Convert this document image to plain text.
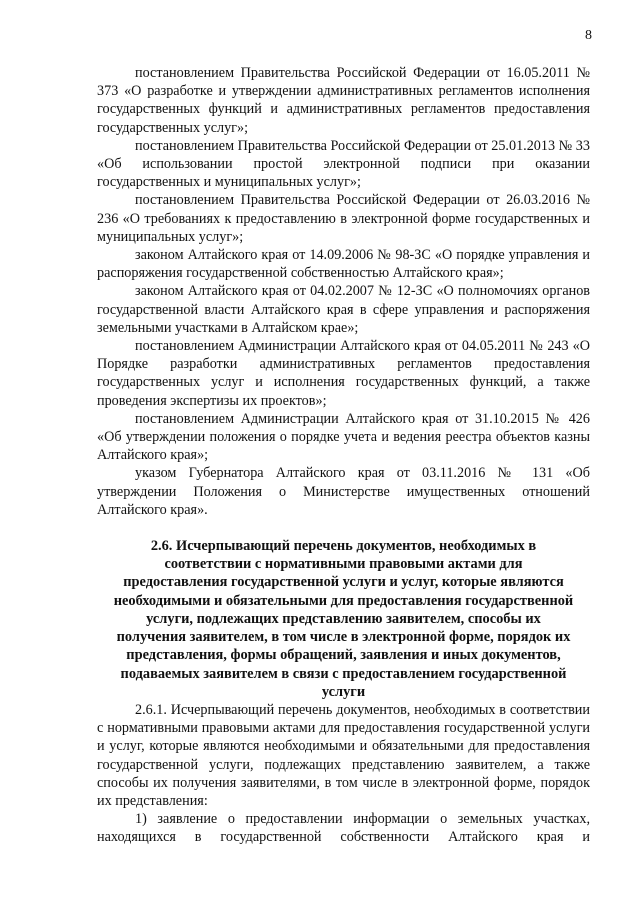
8

постановлением Правительства Российской Федерации от 16.05.2011 № 373 «О разработке и утверждении административных регламентов исполнения государственных функций и административных регламентов предоставления государственных услуг»;

постановлением Правительства Российской Федерации от 25.01.2013 № 33 «Об использовании простой электронной подписи при оказании государственных и муниципальных услуг»;

постановлением Правительства Российской Федерации от 26.03.2016 № 236 «О требованиях к предоставлению в электронной форме государственных и муниципальных услуг»;

законом Алтайского края от 14.09.2006 № 98-ЗС «О порядке управления и распоряжения государственной собственностью Алтайского края»;

законом Алтайского края от 04.02.2007 № 12-ЗС «О полномочиях органов государственной власти Алтайского края в сфере управления и распоряжения земельными участками в Алтайском крае»;

постановлением Администрации Алтайского края от 04.05.2011 № 243 «О Порядке разработки административных регламентов предоставления государственных услуг и исполнения государственных функций, а также проведения экспертизы их проектов»;

постановлением Администрации Алтайского края от 31.10.2015 № 426 «Об утверждении положения о порядке учета и ведения реестра объектов казны Алтайского края»;

указом Губернатора Алтайского края от 03.11.2016 № 131 «Об утверждении Положения о Министерстве имущественных отношений Алтайского края».

2.6. Исчерпывающий перечень документов, необходимых в соответствии с нормативными правовыми актами для предоставления государственной услуги и услуг, которые являются необходимыми и обязательными для предоставления государственной услуги, подлежащих представлению заявителем, способы их получения заявителем, в том числе в электронной форме, порядок их представления, формы обращений, заявления и иных документов, подаваемых заявителем в связи с предоставлением государственной услуги

2.6.1. Исчерпывающий перечень документов, необходимых в соответствии с нормативными правовыми актами для предоставления государственной услуги и услуг, которые являются необходимыми и обязательными для предоставления государственной услуги, подлежащих представлению заявителем, а также способы их получения заявителями, в том числе в электронной форме, порядок их представления:

1) заявление о предоставлении информации о земельных участках, находящихся в государственной собственности Алтайского края и
